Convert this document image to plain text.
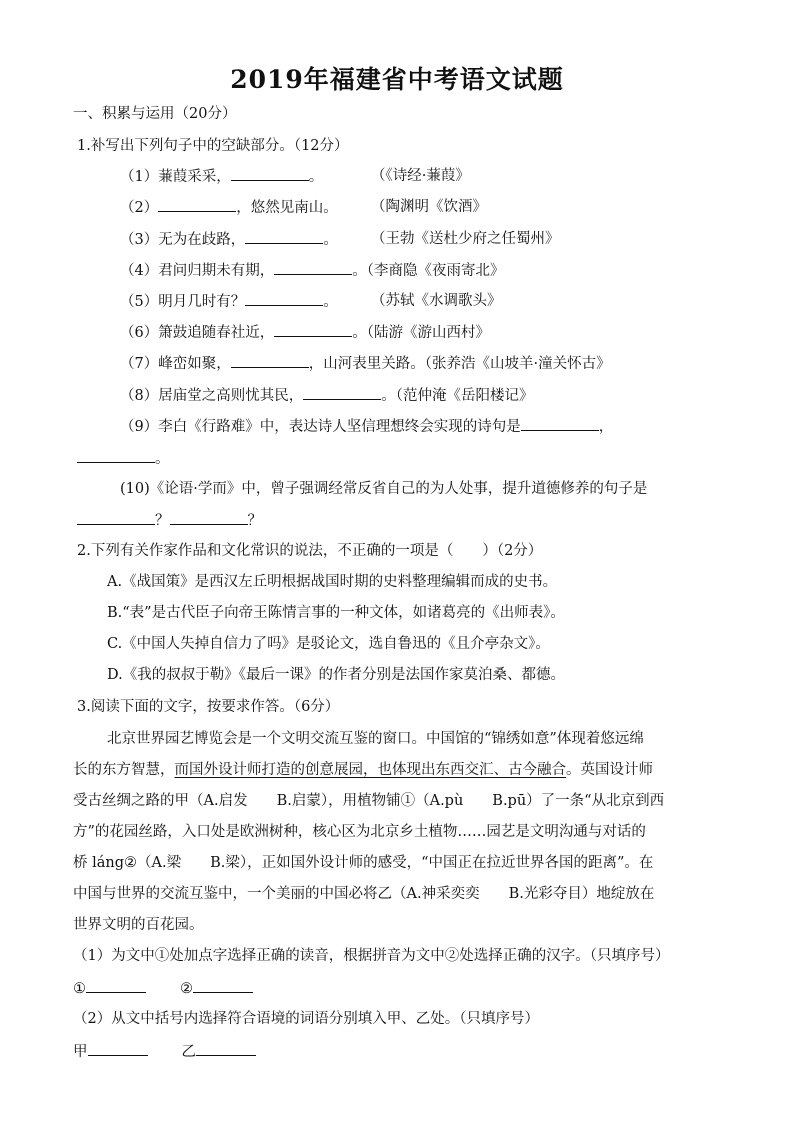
2019年福建省中考语文试题
一、积累与运用（20分）
1.补写出下列句子中的空缺部分。（12分）
（1）蒹葭采采，	。	（《诗经·蒹葭》
（2）	，悠然见南山。 （陶渊明《饮酒》
（3）无为在歧路，	。 （王勃《送杜少府之任蜀州》
（4）君问归期未有期，	。（李商隐《夜雨寄北》
（5）明月几时有？	。 （苏轼《水调歌头》
（6）箫鼓追随春社近，	。（陆游《游山西村》
（7）峰峦如聚，	，山河表里关路。（张养浩《山坡羊·潼关怀古》
（8）居庙堂之高则忧其民，	。（范仲淹《岳阳楼记》
（9）李白《行路难》中，表达诗人坚信理想终会实现的诗句是	，
。
(10)《论语·学而》中，曾子强调经常反省自己的为人处事，提升道德修养的句子是
？	？
2.下列有关作家作品和文化常识的说法，不正确的一项是（　　）（2分）
A.《战国策》是西汉左丘明根据战国时期的史料整理编辑而成的史书。
B.“表”是古代臣子向帝王陈情言事的一种文体，如诸葛亮的《出师表》。
C.《中国人失掉自信力了吗》是驳论文，选自鲁迅的《且介亭杂文》。
D.《我的叔叔于勒》《最后一课》的作者分别是法国作家莫泊桑、都德。
3.阅读下面的文字，按要求作答。（6分）
北京世界园艺博览会是一个文明交流互鉴的窗口。中国馆的“锦绣如意”体现着悠远绵
长的东方智慧，而国外设计师打造的创意展园，也体现出东西交汇、古今融合。英国设计师
受古丝绸之路的甲（A.启发　　B.启蒙），用植物铺①（A.pù　　B.pū）了一条“从北京到西
方”的花园丝路，入口处是欧洲树种，核心区为北京乡土植物……园艺是文明沟通与对话的
桥 láng②（A.梁　　B.梁），正如国外设计师的感受，“中国正在拉近世界各国的距离”。在
中国与世界的交流互鉴中，一个美丽的中国必将乙（A.神采奕奕　　B.光彩夺目）地绽放在
世界文明的百花园。
（1）为文中①处加点字选择正确的读音，根据拼音为文中②处选择正确的汉字。（只填序号）
①	②
（2）从文中括号内选择符合语境的词语分别填入甲、乙处。（只填序号）
甲	乙
